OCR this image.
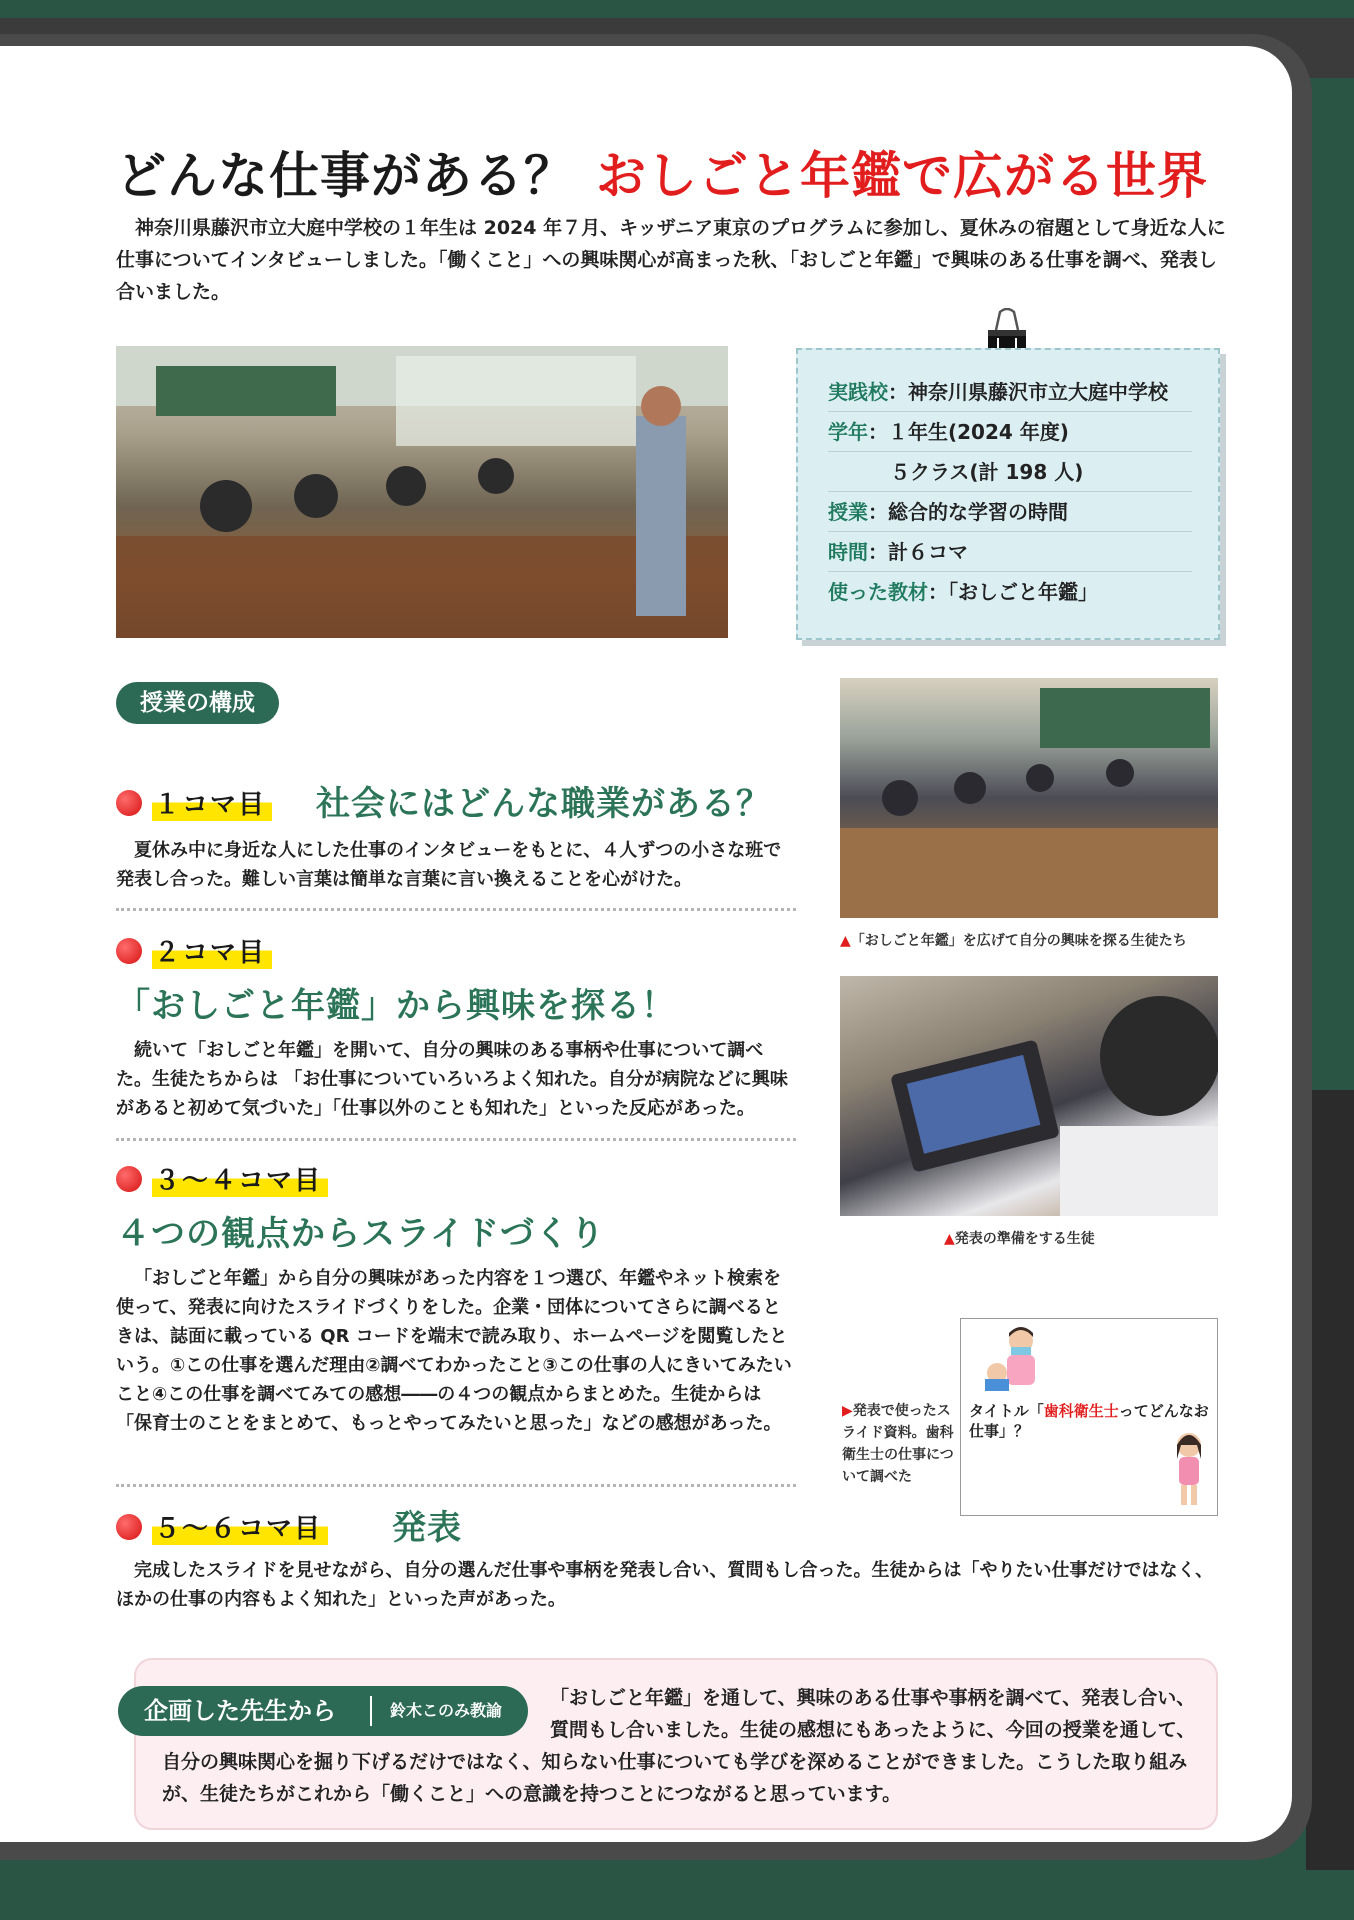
どんな仕事がある？ おしごと年鑑で広がる世界
神奈川県藤沢市立大庭中学校の１年生は 2024 年７月、キッザニア東京のプログラムに参加し、夏休みの宿題として身近な人に仕事についてインタビューしました。「働くこと」への興味関心が高まった秋、「おしごと年鑑」で興味のある仕事を調べ、発表し合いました。
実践校：神奈川県藤沢市立大庭中学校
学年：１年生(2024 年度)
５クラス(計 198 人)
授業：総合的な学習の時間
時間：計６コマ
使った教材：「おしごと年鑑」
授業の構成
１コマ目 社会にはどんな職業がある？
夏休み中に身近な人にした仕事のインタビューをもとに、４人ずつの小さな班で発表し合った。難しい言葉は簡単な言葉に言い換えることを心がけた。
２コマ目
「おしごと年鑑」から興味を探る！
続いて「おしごと年鑑」を開いて、自分の興味のある事柄や仕事について調べた。生徒たちからは 「お仕事についていろいろよく知れた。自分が病院などに興味があると初めて気づいた」「仕事以外のことも知れた」といった反応があった。
３～４コマ目
４つの観点からスライドづくり
「おしごと年鑑」から自分の興味があった内容を１つ選び、年鑑やネット検索を使って、発表に向けたスライドづくりをした。企業・団体についてさらに調べるときは、誌面に載っている QR コードを端末で読み取り、ホームページを閲覧したという。①この仕事を選んだ理由②調べてわかったこと③この仕事の人にきいてみたいこと④この仕事を調べてみての感想――の４つの観点からまとめた。生徒からは「保育士のことをまとめて、もっとやってみたいと思った」などの感想があった。
５～６コマ目 発表
完成したスライドを見せながら、自分の選んだ仕事や事柄を発表し合い、質問もし合った。生徒からは「やりたい仕事だけではなく、ほかの仕事の内容もよく知れた」といった声があった。
▲「おしごと年鑑」を広げて自分の興味を探る生徒たち
▲発表の準備をする生徒
▶発表で使ったスライド資料。歯科衛生士の仕事について調べた
タイトル「歯科衛生士ってどんなお仕事」？
企画した先生から	鈴木このみ教諭
「おしごと年鑑」を通して、興味のある仕事や事柄を調べて、発表し合い、質問もし合いました。生徒の感想にもあったように、今回の授業を通して、
自分の興味関心を掘り下げるだけではなく、知らない仕事についても学びを深めることができました。こうした取り組みが、生徒たちがこれから「働くこと」への意識を持つことにつながると思っています。
